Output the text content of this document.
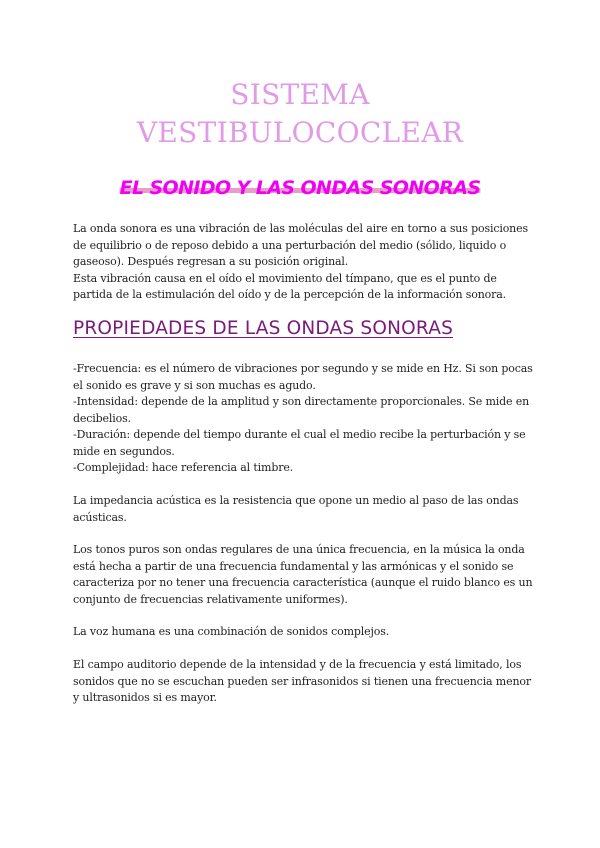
SISTEMA
VESTIBULOCOCLEAR
EL SONIDO Y LAS ONDAS SONORAS

La onda sonora es una vibración de las moléculas del aire en torno a sus posiciones de equilibrio o de reposo debido a una perturbación del medio (sólido, liquido o gaseoso). Después regresan a su posición original.

Esta vibración causa en el oído el movimiento del tímpano, que es el punto de partida de la estimulación del oído y de la percepción de la información sonora.

PROPIEDADES DE LAS ONDAS SONORAS

-Frecuencia: es el número de vibraciones por segundo y se mide en Hz. Si son pocas el sonido es grave y si son muchas es agudo.

-Intensidad: depende de la amplitud y son directamente proporcionales. Se mide en decibelios.

-Duración: depende del tiempo durante el cual el medio recibe la perturbación y se mide en segundos.

-Complejidad: hace referencia al timbre.

La impedancia acústica es la resistencia que opone un medio al paso de las ondas acústicas.

Los tonos puros son ondas regulares de una única frecuencia, en la música la onda está hecha a partir de una frecuencia fundamental y las armónicas y el sonido se caracteriza por no tener una frecuencia característica (aunque el ruido blanco es un conjunto de frecuencias relativamente uniformes).

La voz humana es una combinación de sonidos complejos.

El campo auditorio depende de la intensidad y de la frecuencia y está limitado, los sonidos que no se escuchan pueden ser infrasonidos si tienen una frecuencia menor y ultrasonidos si es mayor.
